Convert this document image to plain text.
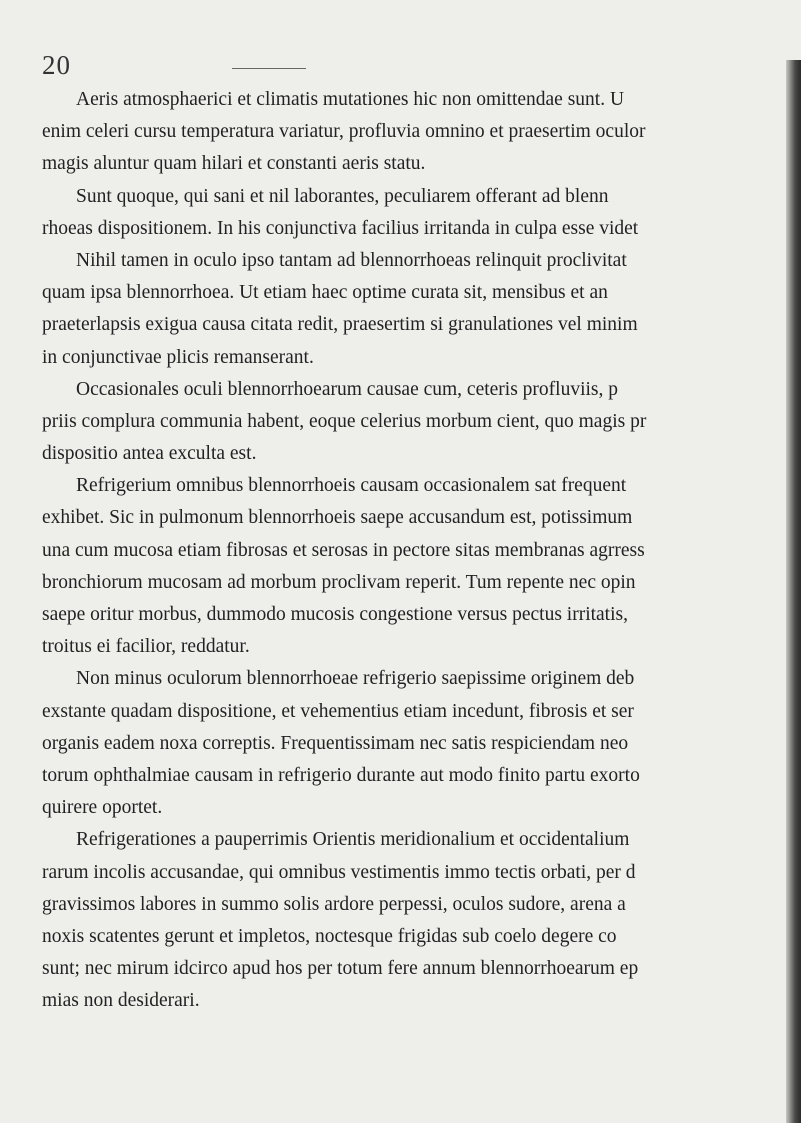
20
Aeris atmosphaerici et climatis mutationes hic non omittendae sunt. U
enim celeri cursu temperatura variatur, profluvia omnino et praesertim oculor
magis aluntur quam hilari et constanti aeris statu.
Sunt quoque, qui sani et nil laborantes, peculiarem offerant ad blenn
rhoeas dispositionem. In his conjunctiva facilius irritanda in culpa esse videt
Nihil tamen in oculo ipso tantam ad blennorrhoeas relinquit proclivitat
quam ipsa blennorrhoea. Ut etiam haec optime curata sit, mensibus et an
praeterlapsis exigua causa citata redit, praesertim si granulationes vel minim
in conjunctivae plicis remanserant.
Occasionales oculi blennorrhoearum causae cum, ceteris profluviis, p
priis complura communia habent, eoque celerius morbum cient, quo magis pr
dispositio antea exculta est.
Refrigerium omnibus blennorrhoeis causam occasionalem sat frequent
exhibet. Sic in pulmonum blennorrhoeis saepe accusandum est, potissimum
una cum mucosa etiam fibrosas et serosas in pectore sitas membranas agrress
bronchiorum mucosam ad morbum proclivam reperit. Tum repente nec opin
saepe oritur morbus, dummodo mucosis congestione versus pectus irritatis,
troitus ei facilior, reddatur.
Non minus oculorum blennorrhoeae refrigerio saepissime originem deb
exstante quadam dispositione, et vehementius etiam incedunt, fibrosis et ser
organis eadem noxa correptis. Frequentissimam nec satis respiciendam neo
torum ophthalmiae causam in refrigerio durante aut modo finito partu exorto
quirere oportet.
Refrigerationes a pauperrimis Orientis meridionalium et occidentalium
rarum incolis accusandae, qui omnibus vestimentis immo tectis orbati, per d
gravissimos labores in summo solis ardore perpessi, oculos sudore, arena a
noxis scatentes gerunt et impletos, noctesque frigidas sub coelo degere co
sunt; nec mirum idcirco apud hos per totum fere annum blennorrhoearum ep
mias non desiderari.
